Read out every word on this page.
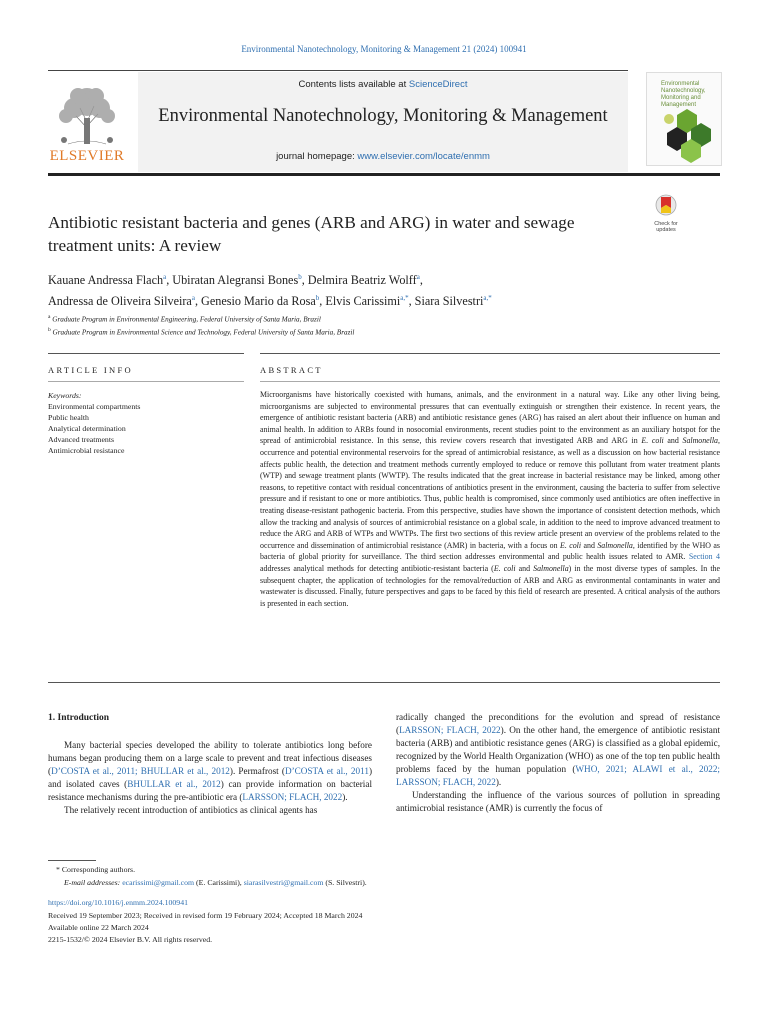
Environmental Nanotechnology, Monitoring & Management 21 (2024) 100941
ELSEVIER
Contents lists available at ScienceDirect
Environmental Nanotechnology, Monitoring & Management
journal homepage: www.elsevier.com/locate/enmm
Environmental Nanotechnology, Monitoring and Management
Antibiotic resistant bacteria and genes (ARB and ARG) in water and sewage treatment units: A review
Check for
updates
Kauane Andressa Flach$^a$, Ubiratan Alegransi Bones$^b$, Delmira Beatriz Wolff$^a$,
Andressa de Oliveira Silveira$^a$, Genesio Mario da Rosa$^b$, Elvis Carissimi$^{a,*}$, Siara Silvestri$^{a,*}$
$^a$ Graduate Program in Environmental Engineering, Federal University of Santa Maria, Brazil
$^b$ Graduate Program in Environmental Science and Technology, Federal University of Santa Maria, Brazil
ARTICLE INFO	ABSTRACT
Keywords:
Environmental compartments
Public health
Analytical determination
Advanced treatments
Antimicrobial resistance
Microorganisms have historically coexisted with humans, animals, and the environment in a natural way. Like any other living being, microorganisms are subjected to environmental pressures that can eventually extinguish or strengthen their existence. In recent years, the emergence of antibiotic resistant bacteria (ARB) and antibiotic resistance genes (ARG) has raised an alert about their influence on human and animal health. In addition to ARBs found in nosocomial environments, recent studies point to the environment as an auxiliary hotspot for the spread of antimicrobial resistance. In this sense, this review covers research that investigated ARB and ARG in E. coli and Salmonella, occurrence and potential environmental reservoirs for the spread of antimicrobial resistance, as well as a discussion on how bacterial resistance affects public health, the detection and treatment methods currently employed to reduce or remove this pollutant from water treatment plants (WTP) and sewage treatment plants (WWTP). The results indicated that the great increase in bacterial resistance may be linked, among other reasons, to repetitive contact with residual concentrations of antibiotics present in the environment, causing the bacteria to suffer from selective pressure and if resistant to one or more antibiotics. Thus, public health is compromised, since commonly used antibiotics are often ineffective in treating disease-resistant pathogenic bacteria. From this perspective, studies have shown the importance of consistent detection methods, which allow the tracking and analysis of sources of antimicrobial resistance on a global scale, in addition to the need to improve advanced treatment to reduce the ARG and ARB of WTPs and WWTPs. The first two sections of this review article present an overview of the problems related to the occurrence and dissemination of antimicrobial resistance (AMR) in bacteria, with a focus on E. coli and Salmonella, identified by the WHO as bacteria of global priority for surveillance. The third section addresses environmental and public health issues related to AMR. Section 4 addresses analytical methods for detecting antibiotic-resistant bacteria (E. coli and Salmonella) in the most diverse types of samples. In the subsequent chapter, the application of technologies for the removal/reduction of ARB and ARG as environmental contaminants in water and wastewater is discussed. Finally, future perspectives and gaps to be faced by this field of research are presented. A critical analysis of the authors is presented in each section.
1. Introduction

Many bacterial species developed the ability to tolerate antibiotics long before humans began producing them on a large scale to prevent and treat infectious diseases (D’COSTA et al., 2011; BHULLAR et al., 2012). Permafrost (D’COSTA et al., 2011) and isolated caves (BHULLAR et al., 2012) can provide information on bacterial resistance mechanisms during the pre-antibiotic era (LARSSON; FLACH, 2022).

The relatively recent introduction of antibiotics as clinical agents has

radically changed the preconditions for the evolution and spread of resistance (LARSSON; FLACH, 2022). On the other hand, the emergence of antibiotic resistant bacteria (ARB) and antibiotic resistance genes (ARG) is classified as a global epidemic, recognized by the World Health Organization (WHO) as one of the top ten public health problems faced by the human population (WHO, 2021; ALAWI et al., 2022; LARSSON; FLACH, 2022).

Understanding the influence of the various sources of pollution in spreading antimicrobial resistance (AMR) is currently the focus of

* Corresponding authors.
E-mail addresses: ecarissimi@gmail.com (E. Carissimi), siarasilvestri@gmail.com (S. Silvestri).
https://doi.org/10.1016/j.enmm.2024.100941
Received 19 September 2023; Received in revised form 19 February 2024; Accepted 18 March 2024
Available online 22 March 2024
2215-1532/© 2024 Elsevier B.V. All rights reserved.
